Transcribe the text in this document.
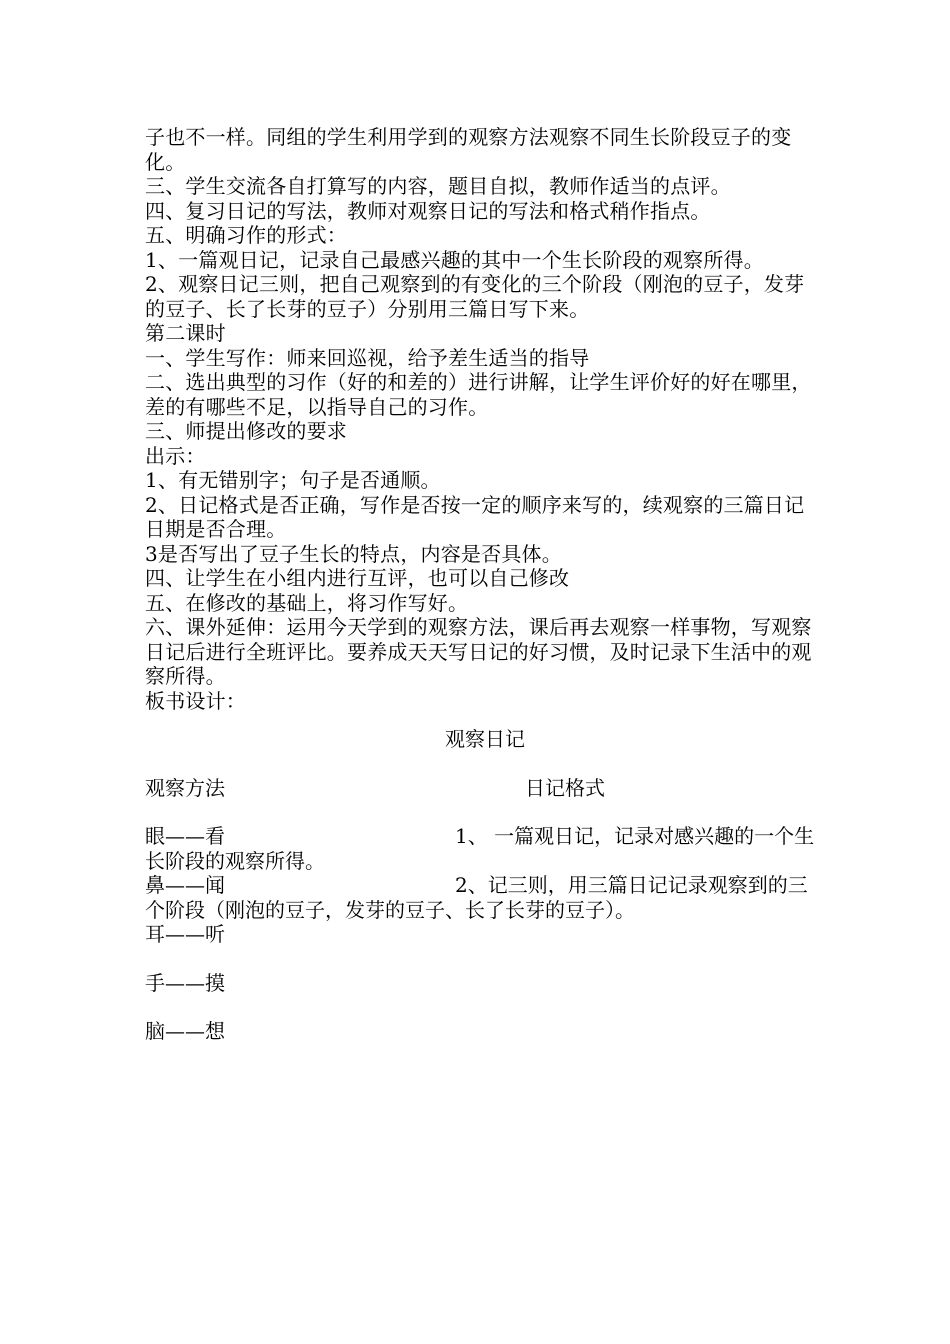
子也不一样。同组的学生利用学到的观察方法观察不同生长阶段豆子的变化。

三、学生交流各自打算写的内容，题目自拟，教师作适当的点评。

四、复习日记的写法，教师对观察日记的写法和格式稍作指点。

五、明确习作的形式：

1、一篇观日记，记录自己最感兴趣的其中一个生长阶段的观察所得。

2、观察日记三则，把自己观察到的有变化的三个阶段（刚泡的豆子，发芽的豆子、长了长芽的豆子）分别用三篇日写下来。

第二课时

一、学生写作：师来回巡视，给予差生适当的指导

二、选出典型的习作（好的和差的）进行讲解，让学生评价好的好在哪里，差的有哪些不足，以指导自己的习作。

三、师提出修改的要求

出示：

1、有无错别字；句子是否通顺。

2、日记格式是否正确，写作是否按一定的顺序来写的，续观察的三篇日记日期是否合理。

3是否写出了豆子生长的特点，内容是否具体。

四、让学生在小组内进行互评，也可以自己修改

五、在修改的基础上，将习作写好。

六、课外延伸：运用今天学到的观察方法，课后再去观察一样事物，写观察日记后进行全班评比。要养成天天写日记的好习惯，及时记录下生活中的观察所得。

板书设计：

观察日记
观察方法	日记格式
眼——看	1、 一篇观日记，记录对感兴趣的一个生长阶段的观察所得。
鼻——闻	2、记三则，用三篇日记记录观察到的三个阶段（刚泡的豆子，发芽的豆子、长了长芽的豆子）。
耳——听
手——摸
脑——想
